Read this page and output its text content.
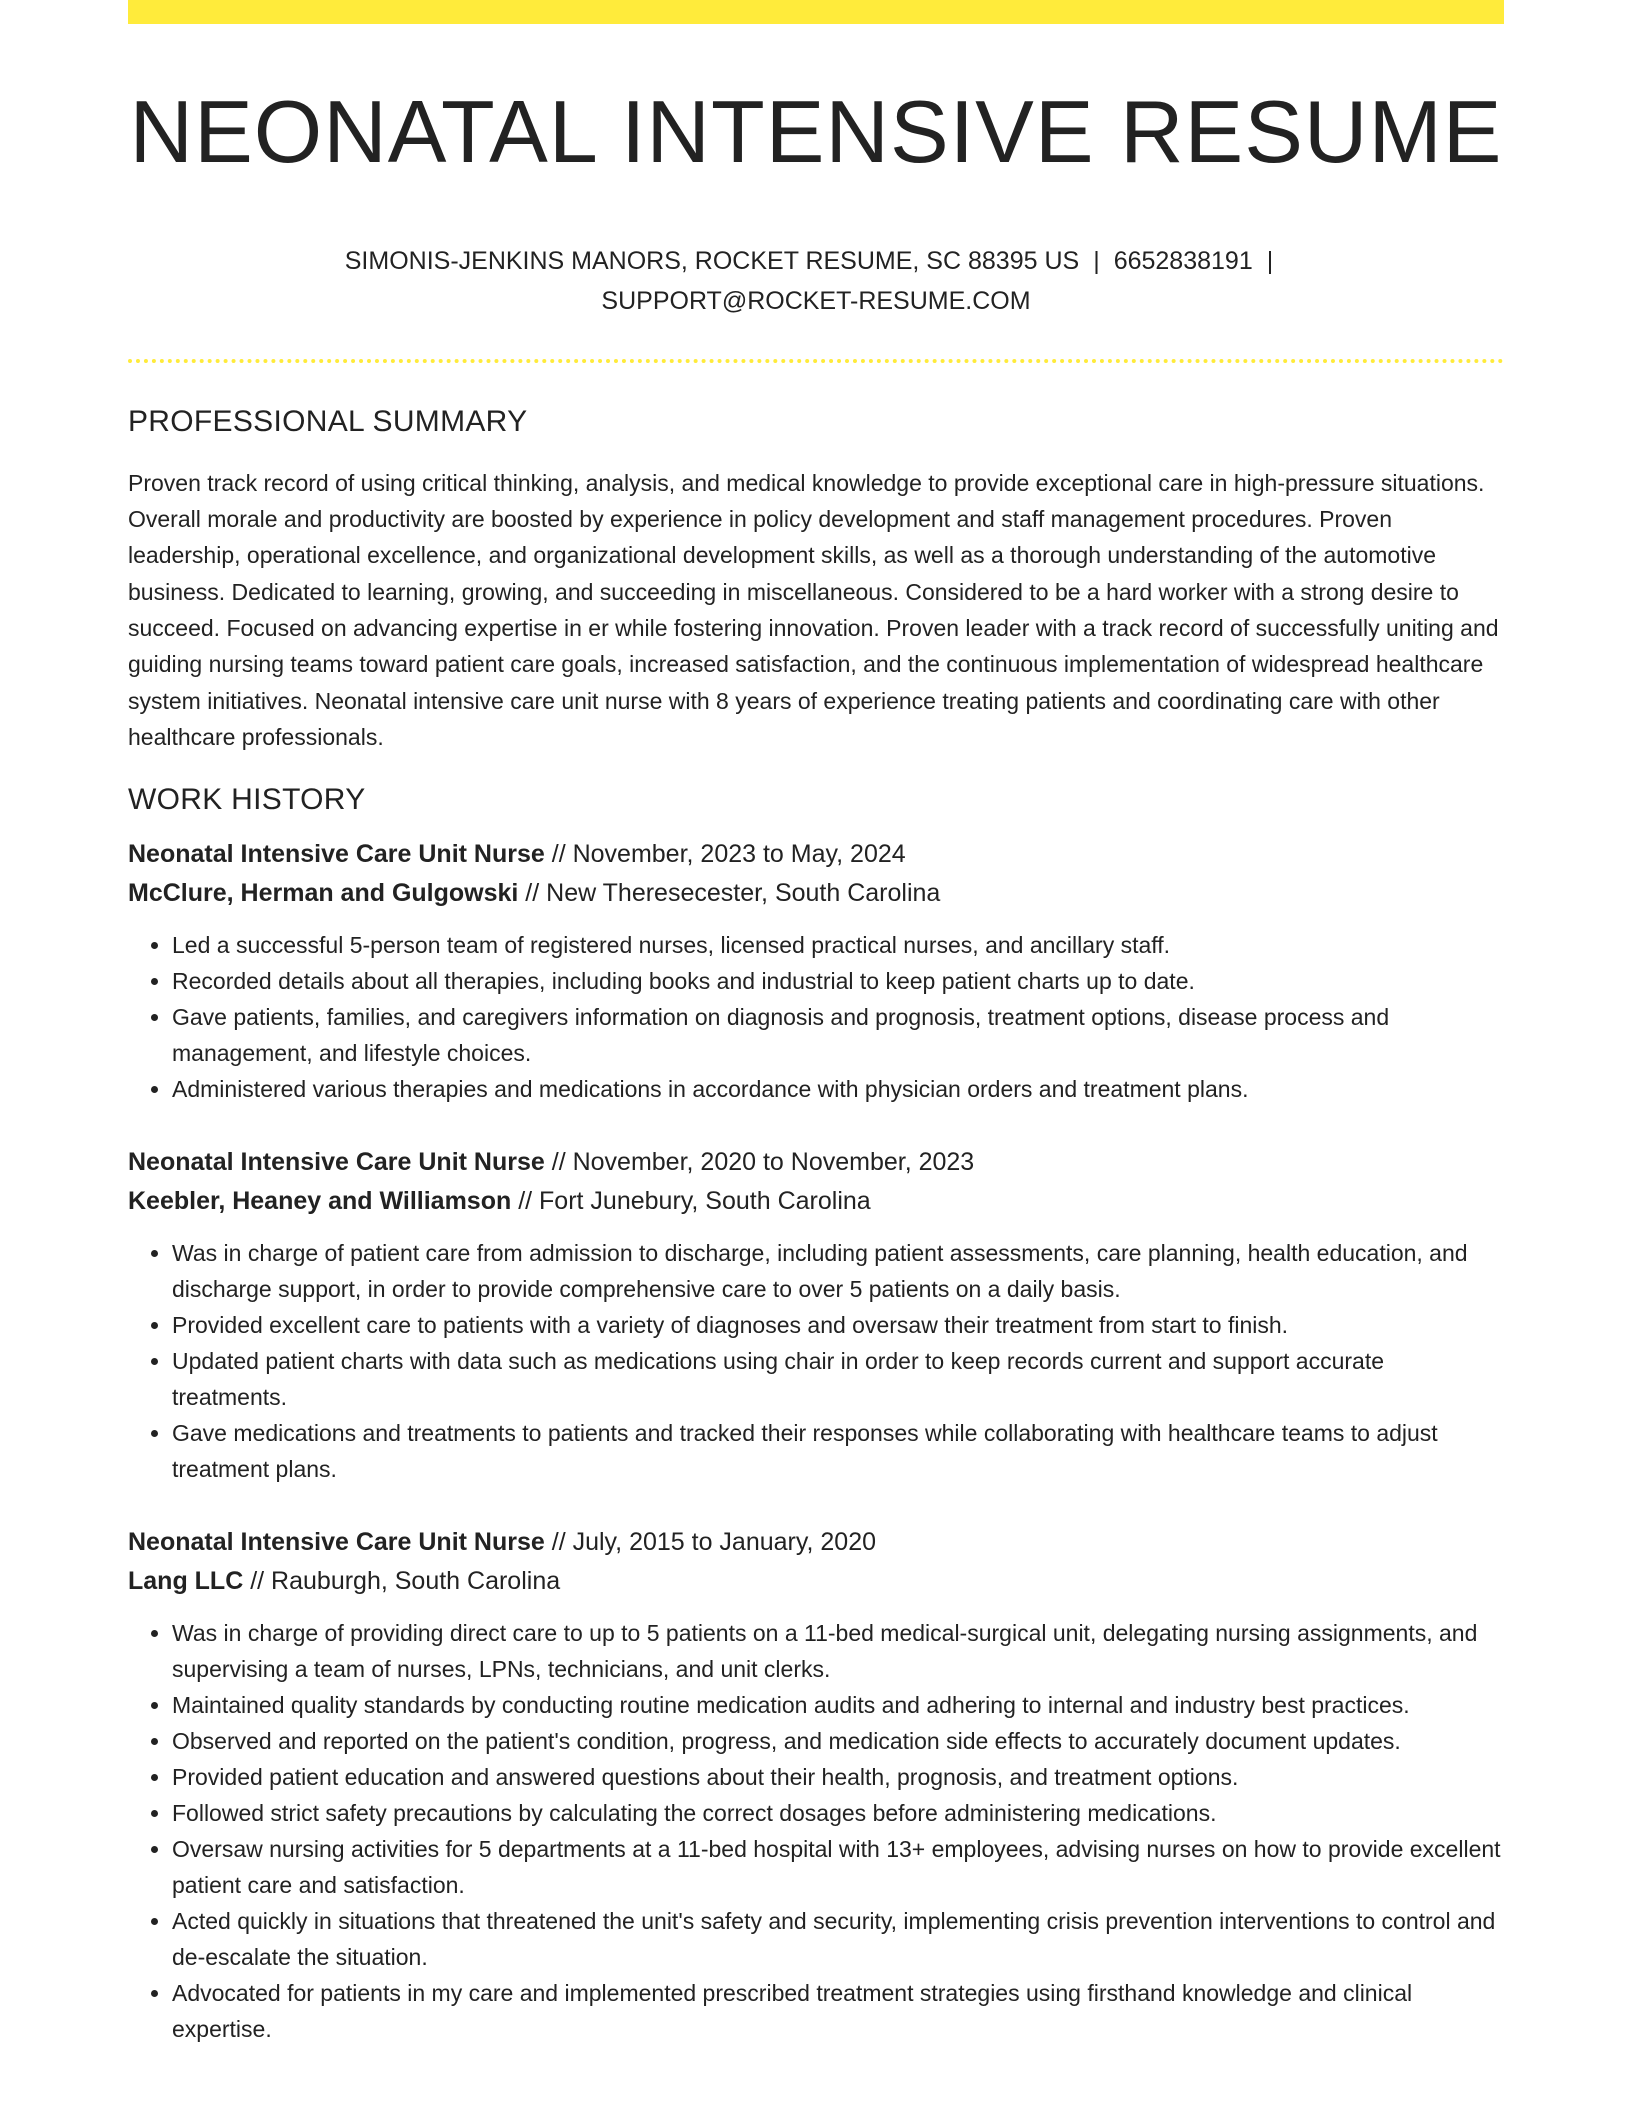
NEONATAL INTENSIVE RESUME
SIMONIS-JENKINS MANORS, ROCKET RESUME, SC 88395 US | 6652838191 |
SUPPORT@ROCKET-RESUME.COM
PROFESSIONAL SUMMARY

Proven track record of using critical thinking, analysis, and medical knowledge to provide exceptional care in high-pressure situations. Overall morale and productivity are boosted by experience in policy development and staff management procedures. Proven leadership, operational excellence, and organizational development skills, as well as a thorough understanding of the automotive business. Dedicated to learning, growing, and succeeding in miscellaneous. Considered to be a hard worker with a strong desire to succeed. Focused on advancing expertise in er while fostering innovation. Proven leader with a track record of successfully uniting and guiding nursing teams toward patient care goals, increased satisfaction, and the continuous implementation of widespread healthcare system initiatives. Neonatal intensive care unit nurse with 8 years of experience treating patients and coordinating care with other healthcare professionals.

WORK HISTORY
Neonatal Intensive Care Unit Nurse // November, 2023 to May, 2024
McClure, Herman and Gulgowski // New Theresecester, South Carolina
• Led a successful 5-person team of registered nurses, licensed practical nurses, and ancillary staff.
• Recorded details about all therapies, including books and industrial to keep patient charts up to date.
• Gave patients, families, and caregivers information on diagnosis and prognosis, treatment options, disease process and management, and lifestyle choices.
• Administered various therapies and medications in accordance with physician orders and treatment plans.
Neonatal Intensive Care Unit Nurse // November, 2020 to November, 2023
Keebler, Heaney and Williamson // Fort Junebury, South Carolina
• Was in charge of patient care from admission to discharge, including patient assessments, care planning, health education, and discharge support, in order to provide comprehensive care to over 5 patients on a daily basis.
• Provided excellent care to patients with a variety of diagnoses and oversaw their treatment from start to finish.
• Updated patient charts with data such as medications using chair in order to keep records current and support accurate treatments.
• Gave medications and treatments to patients and tracked their responses while collaborating with healthcare teams to adjust treatment plans.
Neonatal Intensive Care Unit Nurse // July, 2015 to January, 2020
Lang LLC // Rauburgh, South Carolina
• Was in charge of providing direct care to up to 5 patients on a 11-bed medical-surgical unit, delegating nursing assignments, and supervising a team of nurses, LPNs, technicians, and unit clerks.
• Maintained quality standards by conducting routine medication audits and adhering to internal and industry best practices.
• Observed and reported on the patient's condition, progress, and medication side effects to accurately document updates.
• Provided patient education and answered questions about their health, prognosis, and treatment options.
• Followed strict safety precautions by calculating the correct dosages before administering medications.
• Oversaw nursing activities for 5 departments at a 11-bed hospital with 13+ employees, advising nurses on how to provide excellent patient care and satisfaction.
• Acted quickly in situations that threatened the unit's safety and security, implementing crisis prevention interventions to control and de-escalate the situation.
• Advocated for patients in my care and implemented prescribed treatment strategies using firsthand knowledge and clinical expertise.
